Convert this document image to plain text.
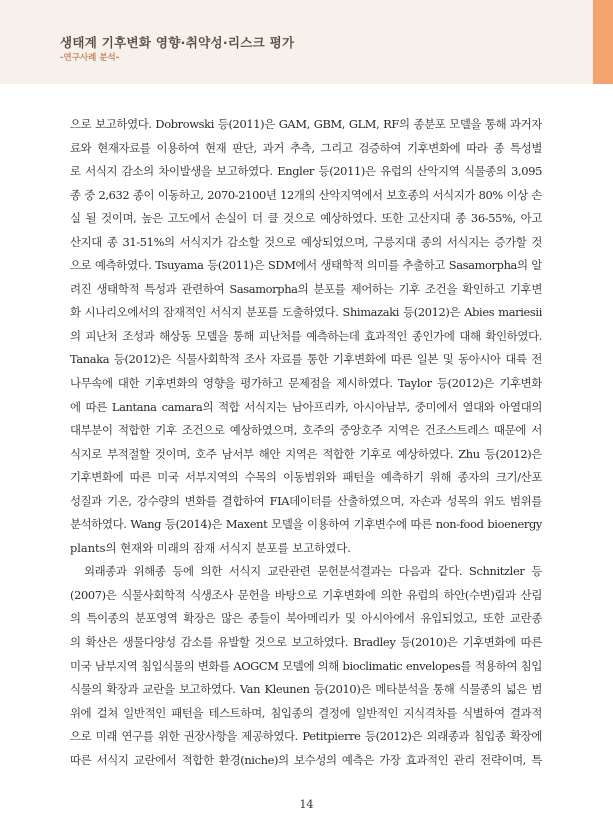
생태계 기후변화 영향·취약성·리스크 평가
-연구사례 분석-
으로 보고하였다. Dobrowski 등(2011)은 GAM, GBM, GLM, RF의 종분포 모델을 통해 과거자
료와 현재자료를 이용하여 현재 판단, 과거 추측, 그리고 검증하여 기후변화에 따라 종 특성별
로 서식지 감소의 차이발생을 보고하였다. Engler 등(2011)은 유럽의 산악지역 식물종의 3,095
종 중 2,632 종이 이동하고, 2070-2100년 12개의 산악지역에서 보호종의 서식지가 80% 이상 손
실 될 것이며, 높은 고도에서 손실이 더 클 것으로 예상하였다. 또한 고산지대 종 36-55%, 아고
산지대 종 31-51%의 서식지가 감소할 것으로 예상되었으며, 구릉지대 종의 서식지는 증가할 것
으로 예측하였다. Tsuyama 등(2011)은 SDM에서 생태학적 의미를 추출하고 Sasamorpha의 알
려진 생태학적 특성과 관련하여 Sasamorpha의 분포를 제어하는 기후 조건을 확인하고 기후변
화 시나리오에서의 잠재적인 서식지 분포를 도출하였다. Shimazaki 등(2012)은 Abies mariesii
의 피난처 조성과 해상동 모델을 통해 피난처를 예측하는데 효과적인 종인가에 대해 확인하였다.
Tanaka 등(2012)은 식물사회학적 조사 자료를 통한 기후변화에 따른 일본 및 동아시아 대륙 전
나무속에 대한 기후변화의 영향을 평가하고 문제점을 제시하였다. Taylor 등(2012)은 기후변화
에 따른 Lantana camara의 적합 서식지는 남아프리카, 아시아남부, 중미에서 열대와 아열대의
대부분이 적합한 기후 조건으로 예상하였으며, 호주의 중앙호주 지역은 건조스트레스 때문에 서
식지로 부적절할 것이며, 호주 남서부 해안 지역은 적합한 기후로 예상하였다. Zhu 등(2012)은
기후변화에 따른 미국 서부지역의 수목의 이동범위와 패턴을 예측하기 위해 종자의 크기/산포
성질과 기온, 강수량의 변화를 결합하여 FIA데이터를 산출하였으며, 자손과 성목의 위도 범위를
분석하였다. Wang 등(2014)은 Maxent 모델을 이용하여 기후변수에 따른 non-food bioenergy
plants의 현재와 미래의 잠재 서식지 분포를 보고하였다.
외래종과 위해종 등에 의한 서식지 교란관련 문헌분석결과는 다음과 같다. Schnitzler 등
(2007)은 식물사회학적 식생조사 문헌을 바탕으로 기후변화에 의한 유럽의 하안(수변)림과 산림
의 특이종의 분포영역 확장은 많은 종들이 북아메리카 및 아시아에서 유입되었고, 또한 교란종
의 확산은 생물다양성 감소를 유발할 것으로 보고하였다. Bradley 등(2010)은 기후변화에 따른
미국 남부지역 침입식물의 변화를 AOGCM 모델에 의해 bioclimatic envelopes를 적용하여 침입
식물의 확장과 교란을 보고하였다. Van Kleunen 등(2010)은 메타분석을 통해 식물종의 넓은 범
위에 걸쳐 일반적인 패턴을 테스트하며, 침입종의 결정에 일반적인 지식격차를 식별하여 결과적
으로 미래 연구를 위한 권장사항을 제공하였다. Petitpierre 등(2012)은 외래종과 침입종 확장에
따른 서식지 교란에서 적합한 환경(niche)의 보수성의 예측은 가장 효과적인 관리 전략이며, 특
14
